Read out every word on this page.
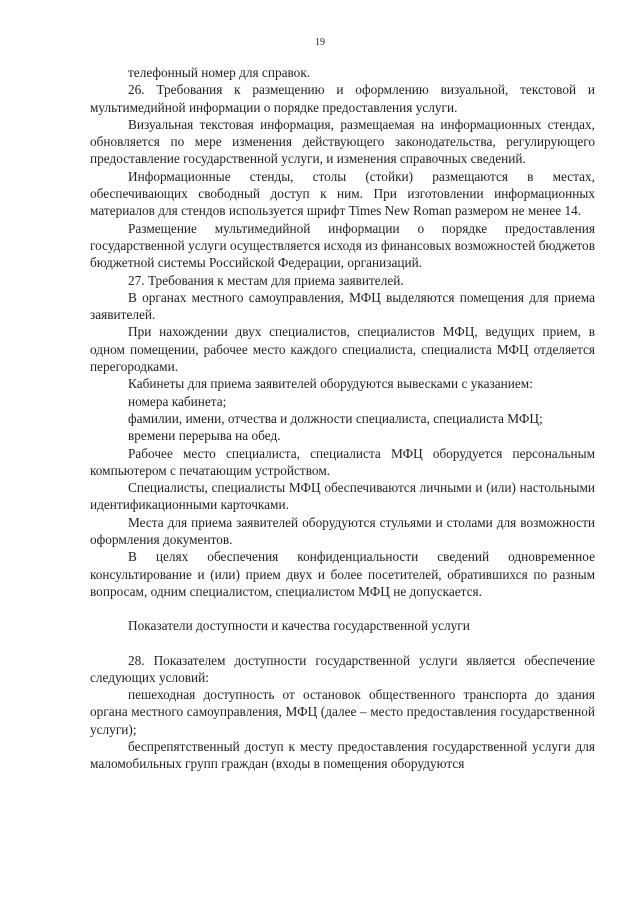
19

телефонный номер для справок.

26. Требования к размещению и оформлению визуальной, текстовой и мультимедийной информации о порядке предоставления услуги.

Визуальная текстовая информация, размещаемая на информационных стендах, обновляется по мере изменения действующего законодательства, регулирующего предоставление государственной услуги, и изменения справочных сведений.

Информационные стенды, столы (стойки) размещаются в местах, обеспечивающих свободный доступ к ним. При изготовлении информационных материалов для стендов используется шрифт Times New Roman размером не менее 14.

Размещение мультимедийной информации о порядке предоставления государственной услуги осуществляется исходя из финансовых возможностей бюджетов бюджетной системы Российской Федерации, организаций.

27. Требования к местам для приема заявителей.

В органах местного самоуправления, МФЦ выделяются помещения для приема заявителей.

При нахождении двух специалистов, специалистов МФЦ, ведущих прием, в одном помещении, рабочее место каждого специалиста, специалиста МФЦ отделяется перегородками.

Кабинеты для приема заявителей оборудуются вывесками с указанием:

номера кабинета;

фамилии, имени, отчества и должности специалиста, специалиста МФЦ;

времени перерыва на обед.

Рабочее место специалиста, специалиста МФЦ оборудуется персональным компьютером с печатающим устройством.

Специалисты, специалисты МФЦ обеспечиваются личными и (или) настольными идентификационными карточками.

Места для приема заявителей оборудуются стульями и столами для возможности оформления документов.

В целях обеспечения конфиденциальности сведений одновременное консультирование и (или) прием двух и более посетителей, обратившихся по разным вопросам, одним специалистом, специалистом МФЦ не допускается.

Показатели доступности и качества государственной услуги

28. Показателем доступности государственной услуги является обеспечение следующих условий:

пешеходная доступность от остановок общественного транспорта до здания органа местного самоуправления, МФЦ (далее – место предоставления государственной услуги);

беспрепятственный доступ к месту предоставления государственной услуги для маломобильных групп граждан (входы в помещения оборудуются
